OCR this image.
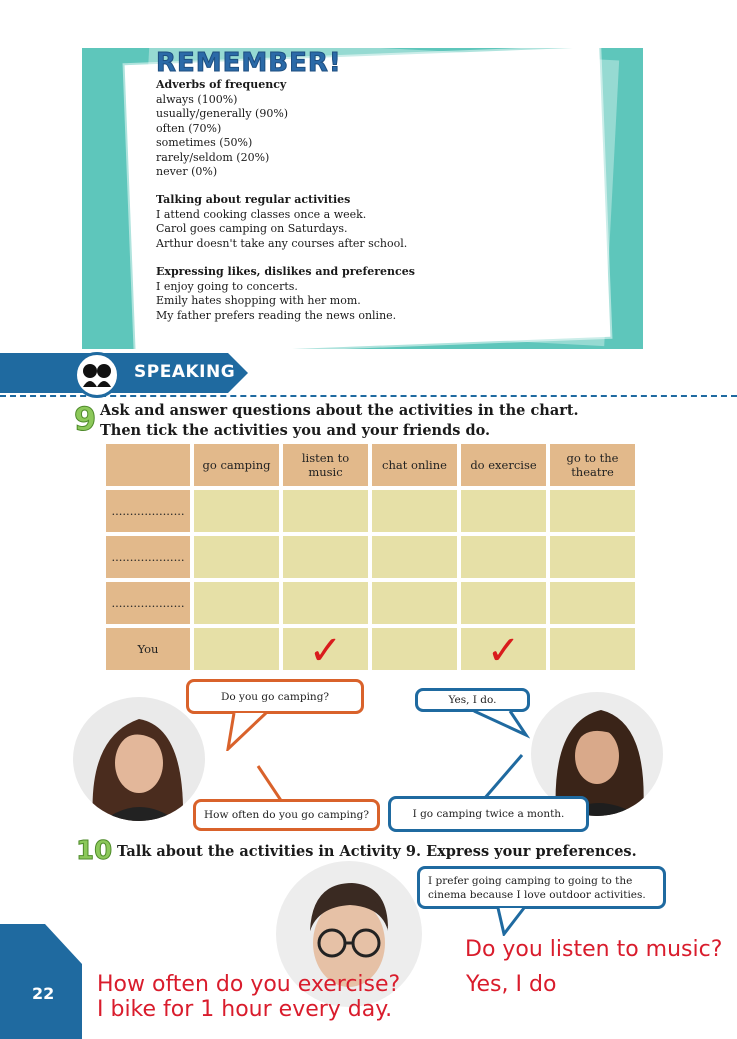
REMEMBER!
Adverbs of frequency
always (100%)
usually/generally (90%)
often (70%)
sometimes (50%)
rarely/seldom (20%)
never (0%)
Talking about regular activities
I attend cooking classes once a week.
Carol goes camping on Saturdays.
Arthur doesn't take any courses after school.
Expressing likes, dislikes and preferences
I enjoy going to concerts.
Emily hates shopping with her mom.
My father prefers reading the news online.
SPEAKING
9 Ask and answer questions about the activities in the chart.
Then tick the activities you and your friends do.
	go camping	listen to music	chat online	do exercise	go to the theatre
....................					
....................					
....................					
You		✓		✓	

Do you go camping?	Yes, I do.
How often do you go camping?	I go camping twice a month.
10 Talk about the activities in Activity 9. Express your preferences.
I prefer going camping to going to the cinema because I love outdoor activities.
22 How often do you exercise?
I bike for 1 hour every day.
Do you listen to music?
Yes, I do
